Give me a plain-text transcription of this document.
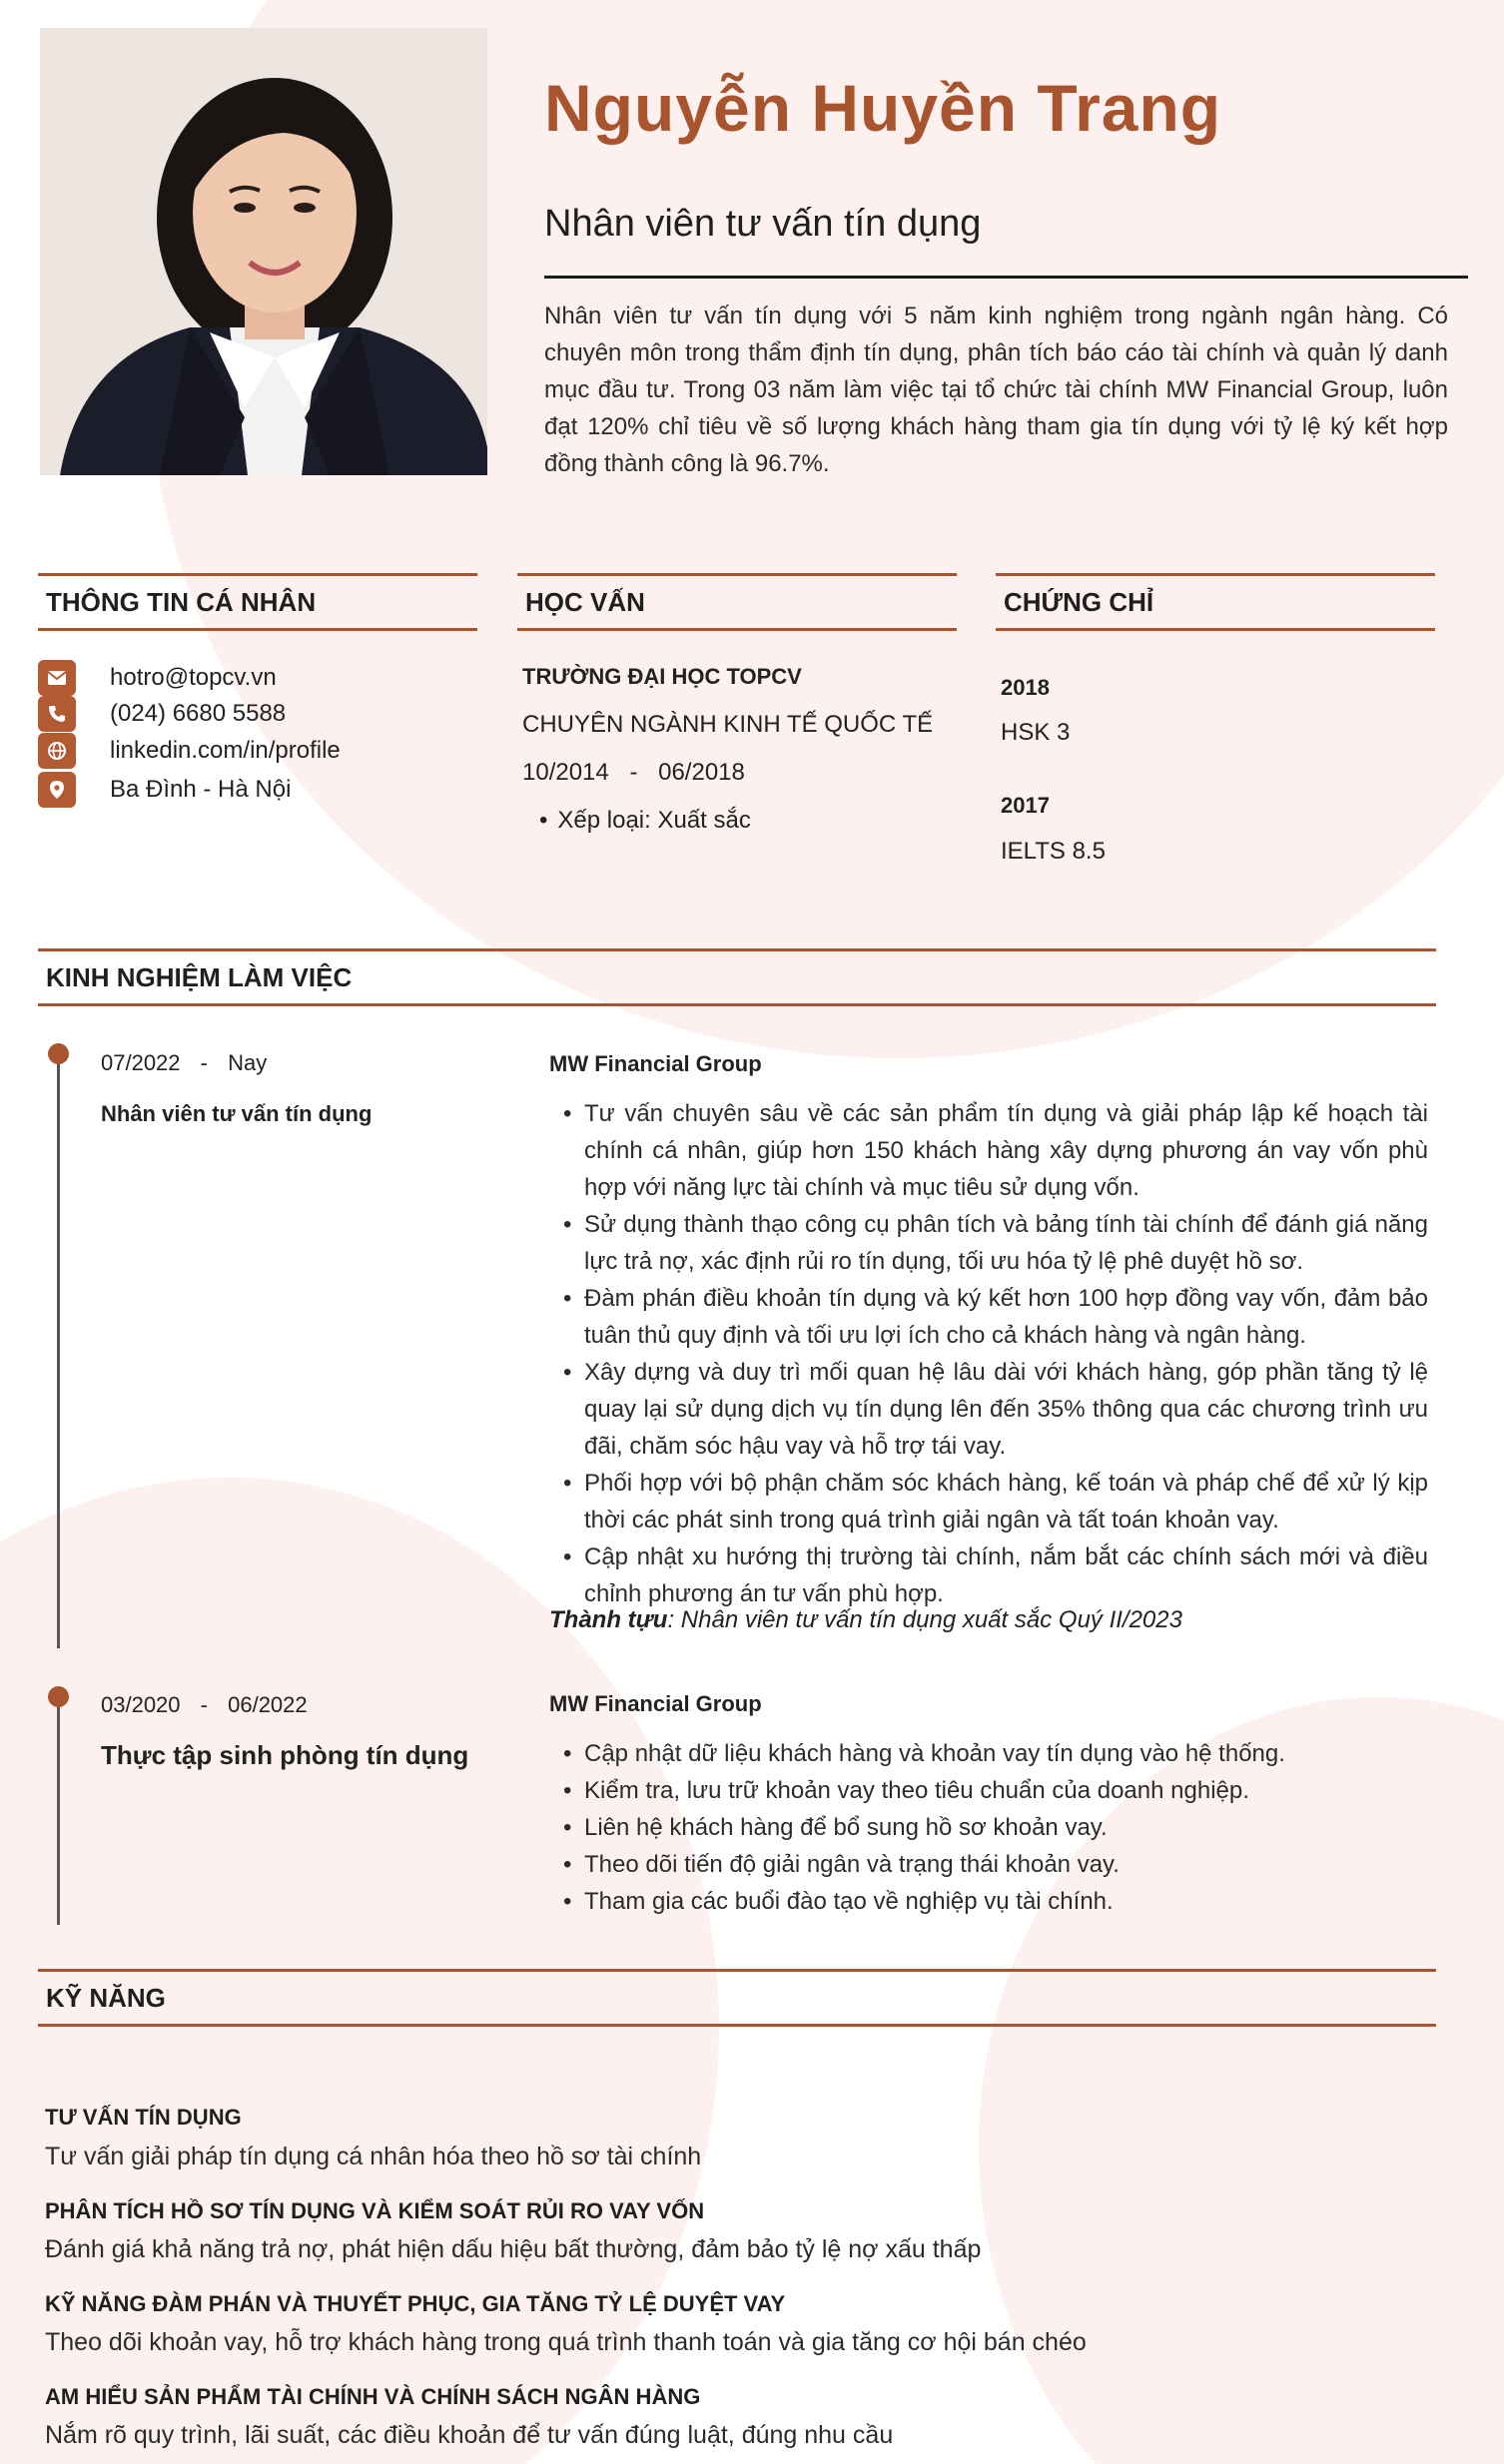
Nguyễn Huyền Trang
Nhân viên tư vấn tín dụng
Nhân viên tư vấn tín dụng với 5 năm kinh nghiệm trong ngành ngân hàng. Có chuyên môn trong thẩm định tín dụng, phân tích báo cáo tài chính và quản lý danh mục đầu tư. Trong 03 năm làm việc tại tổ chức tài chính MW Financial Group, luôn đạt 120% chỉ tiêu về số lượng khách hàng tham gia tín dụng với tỷ lệ ký kết hợp đồng thành công là 96.7%.
THÔNG TIN CÁ NHÂN
hotro@topcv.vn
(024) 6680 5588
linkedin.com/in/profile
Ba Đình - Hà Nội
HỌC VẤN
TRƯỜNG ĐẠI HỌC TOPCV
CHUYÊN NGÀNH KINH TẾ QUỐC TẾ
10/2014 - 06/2018
• Xếp loại: Xuất sắc
CHỨNG CHỈ
2018
HSK 3
2017
IELTS 8.5
KINH NGHIỆM LÀM VIỆC
07/2022 - Nay
Nhân viên tư vấn tín dụng
MW Financial Group
• Tư vấn chuyên sâu về các sản phẩm tín dụng và giải pháp lập kế hoạch tài chính cá nhân, giúp hơn 150 khách hàng xây dựng phương án vay vốn phù hợp với năng lực tài chính và mục tiêu sử dụng vốn.
• Sử dụng thành thạo công cụ phân tích và bảng tính tài chính để đánh giá năng lực trả nợ, xác định rủi ro tín dụng, tối ưu hóa tỷ lệ phê duyệt hồ sơ.
• Đàm phán điều khoản tín dụng và ký kết hơn 100 hợp đồng vay vốn, đảm bảo tuân thủ quy định và tối ưu lợi ích cho cả khách hàng và ngân hàng.
• Xây dựng và duy trì mối quan hệ lâu dài với khách hàng, góp phần tăng tỷ lệ quay lại sử dụng dịch vụ tín dụng lên đến 35% thông qua các chương trình ưu đãi, chăm sóc hậu vay và hỗ trợ tái vay.
• Phối hợp với bộ phận chăm sóc khách hàng, kế toán và pháp chế để xử lý kịp thời các phát sinh trong quá trình giải ngân và tất toán khoản vay.
• Cập nhật xu hướng thị trường tài chính, nắm bắt các chính sách mới và điều chỉnh phương án tư vấn phù hợp.
Thành tựu: Nhân viên tư vấn tín dụng xuất sắc Quý II/2023
03/2020 - 06/2022
Thực tập sinh phòng tín dụng
MW Financial Group
• Cập nhật dữ liệu khách hàng và khoản vay tín dụng vào hệ thống.
• Kiểm tra, lưu trữ khoản vay theo tiêu chuẩn của doanh nghiệp.
• Liên hệ khách hàng để bổ sung hồ sơ khoản vay.
• Theo dõi tiến độ giải ngân và trạng thái khoản vay.
• Tham gia các buổi đào tạo về nghiệp vụ tài chính.
KỸ NĂNG
TƯ VẤN TÍN DỤNG
Tư vấn giải pháp tín dụng cá nhân hóa theo hồ sơ tài chính
PHÂN TÍCH HỒ SƠ TÍN DỤNG VÀ KIỂM SOÁT RỦI RO VAY VỐN
Đánh giá khả năng trả nợ, phát hiện dấu hiệu bất thường, đảm bảo tỷ lệ nợ xấu thấp
KỸ NĂNG ĐÀM PHÁN VÀ THUYẾT PHỤC, GIA TĂNG TỶ LỆ DUYỆT VAY
Theo dõi khoản vay, hỗ trợ khách hàng trong quá trình thanh toán và gia tăng cơ hội bán chéo
AM HIỂU SẢN PHẨM TÀI CHÍNH VÀ CHÍNH SÁCH NGÂN HÀNG
Nắm rõ quy trình, lãi suất, các điều khoản để tư vấn đúng luật, đúng nhu cầu
